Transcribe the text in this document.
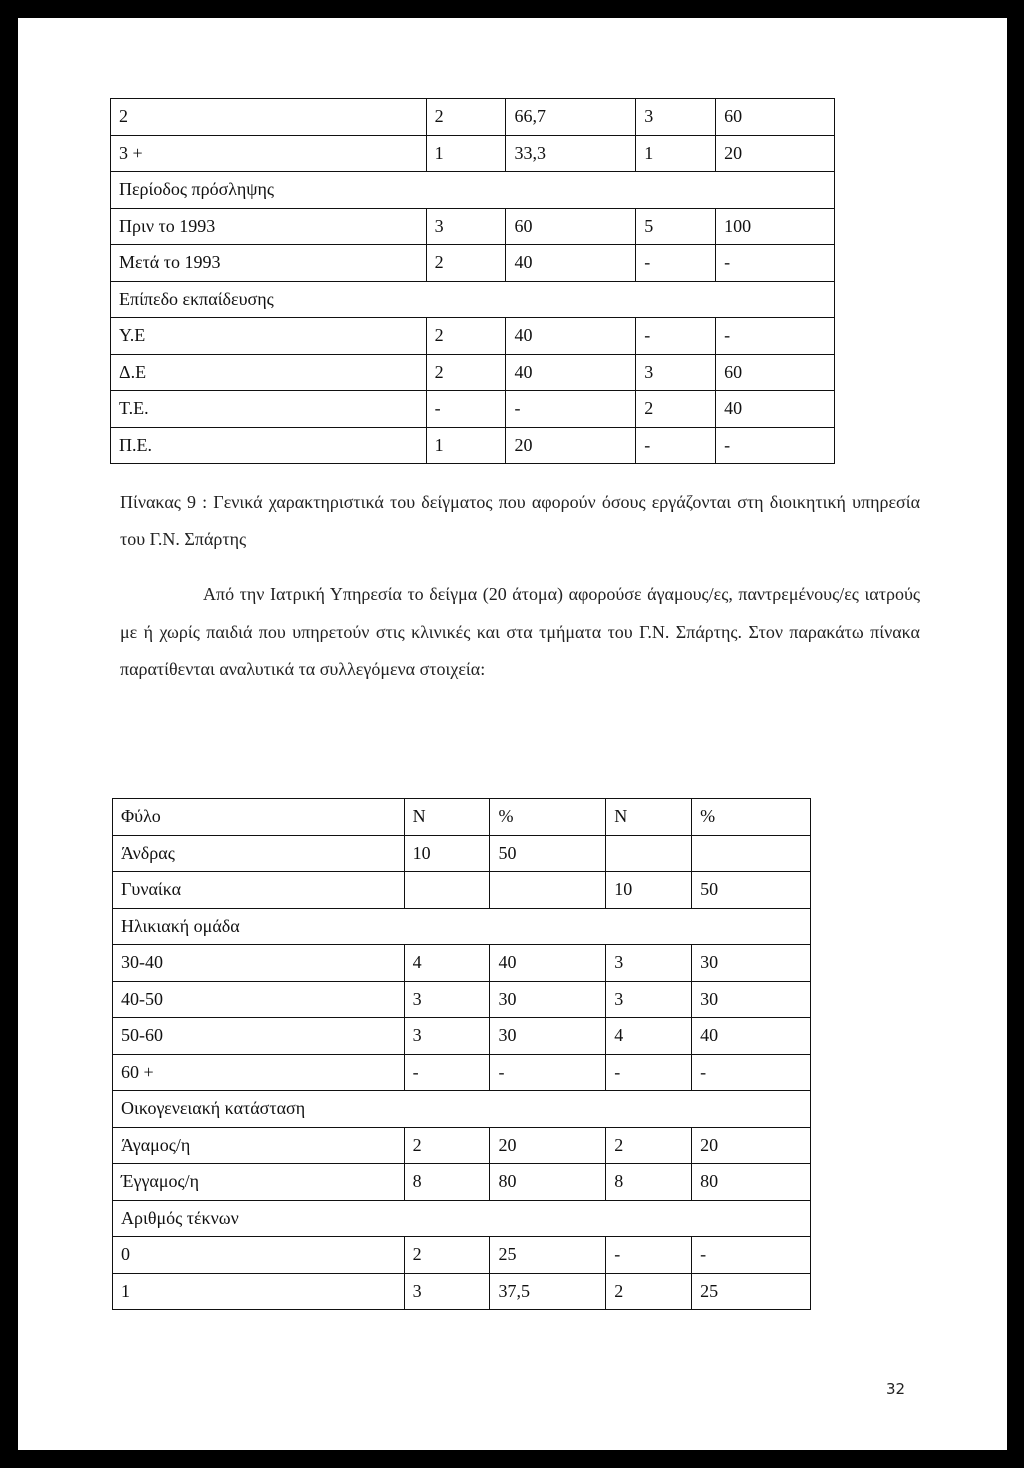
2	2	66,7	3	60
3 +	1	33,3	1	20
Περίοδος πρόσληψης				
Πριν το 1993	3	60	5	100
Μετά το 1993	2	40	-	-
Επίπεδο εκπαίδευσης				
Υ.Ε	2	40	-	-
Δ.Ε	2	40	3	60
Τ.Ε.	-	-	2	40
Π.Ε.	1	20	-	-
Πίνακας 9 : Γενικά χαρακτηριστικά του δείγματος που αφορούν όσους εργάζονται στη διοικητική υπηρεσία του Γ.Ν. Σπάρτης
Από την Ιατρική Υπηρεσία το δείγμα (20 άτομα) αφορούσε άγαμους/ες, παντρεμένους/ες ιατρούς με ή χωρίς παιδιά που υπηρετούν στις κλινικές και στα τμήματα του Γ.Ν. Σπάρτης. Στον παρακάτω πίνακα παρατίθενται αναλυτικά τα συλλεγόμενα στοιχεία:
Φύλο	Ν	%	Ν	%
Άνδρας	10	50		
Γυναίκα			10	50
Ηλικιακή ομάδα				
30-40	4	40	3	30
40-50	3	30	3	30
50-60	3	30	4	40
60 +	-	-	-	-
Οικογενειακή κατάσταση				
Άγαμος/η	2	20	2	20
Έγγαμος/η	8	80	8	80
Αριθμός τέκνων				
0	2	25	-	-
1	3	37,5	2	25
32
